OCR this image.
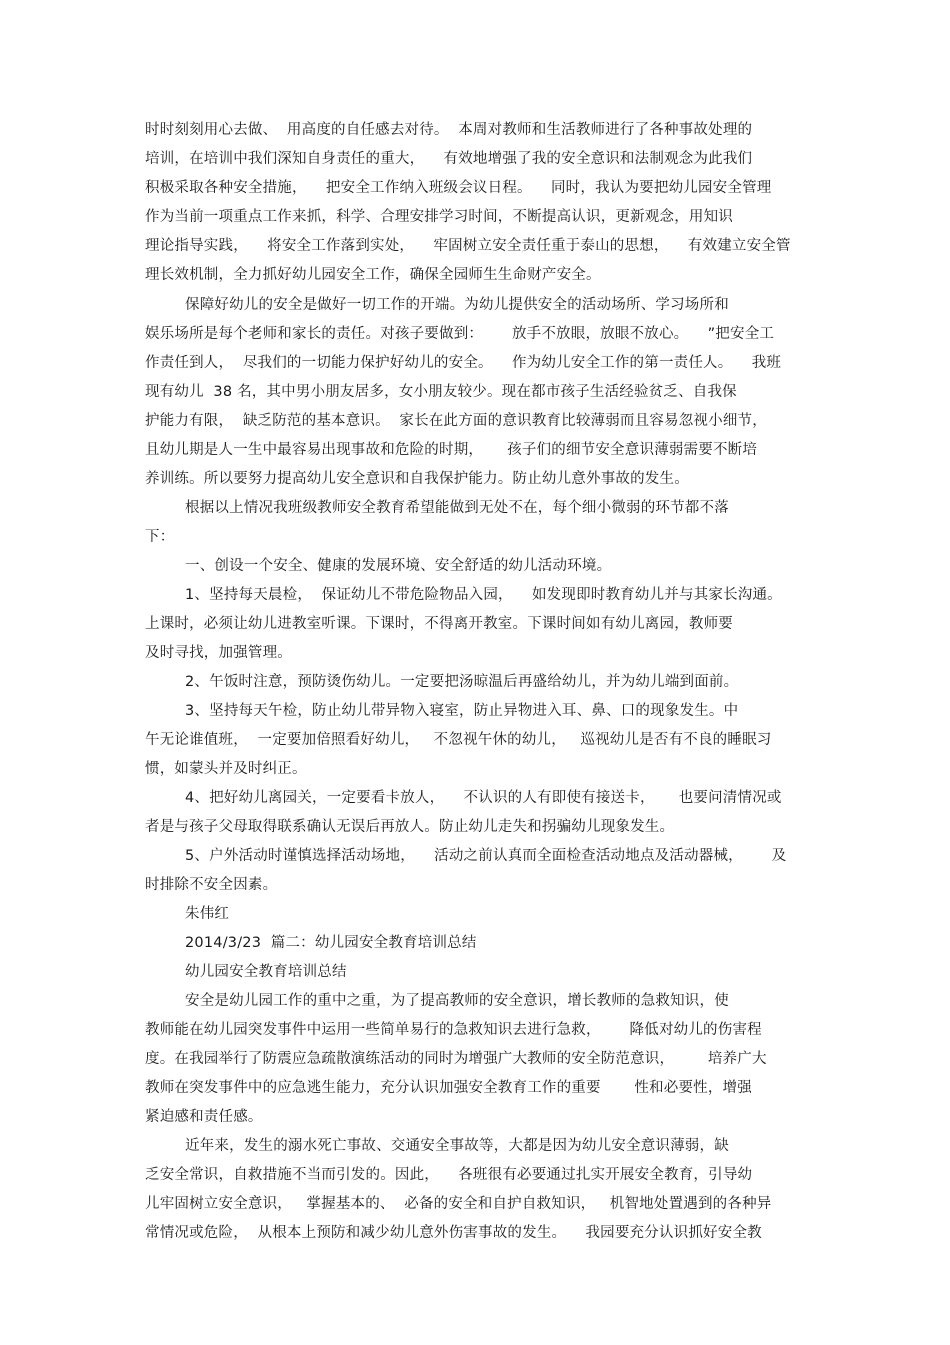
时时刻刻用心去做、  用高度的自任感去对待。  本周对教师和生活教师进行了各种事故处理的
培训，在培训中我们深知自身责任的重大，    有效地增强了我的安全意识和法制观念为此我们
积极采取各种安全措施，    把安全工作纳入班级会议日程。    同时，我认为要把幼儿园安全管理
作为当前一项重点工作来抓，科学、合理安排学习时间，不断提高认识，更新观念，用知识
理论指导实践，    将安全工作落到实处，    牢固树立安全责任重于泰山的思想，    有效建立安全管
理长效机制，全力抓好幼儿园安全工作，确保全园师生生命财产安全。
保障好幼儿的安全是做好一切工作的开端。为幼儿提供安全的活动场所、学习场所和
娱乐场所是每个老师和家长的责任。对孩子要做到：      放手不放眼，放眼不放心。    ”把安全工
作责任到人，  尽我们的一切能力保护好幼儿的安全。    作为幼儿安全工作的第一责任人。    我班
现有幼儿  38 名，其中男小朋友居多，女小朋友较少。现在都市孩子生活经验贫乏、自我保
护能力有限，  缺乏防范的基本意识。  家长在此方面的意识教育比较薄弱而且容易忽视小细节，
且幼儿期是人一生中最容易出现事故和危险的时期，     孩子们的细节安全意识薄弱需要不断培
养训练。所以要努力提高幼儿安全意识和自我保护能力。防止幼儿意外事故的发生。
根据以上情况我班级教师安全教育希望能做到无处不在，每个细小微弱的环节都不落
下：
一、创设一个安全、健康的发展环境、安全舒适的幼儿活动环境。
1、坚持每天晨检，  保证幼儿不带危险物品入园，    如发现即时教育幼儿并与其家长沟通。
上课时，必须让幼儿进教室听课。下课时，不得离开教室。下课时间如有幼儿离园，教师要
及时寻找，加强管理。
2、午饭时注意，预防烫伤幼儿。一定要把汤晾温后再盛给幼儿，并为幼儿端到面前。
3、坚持每天午检，防止幼儿带异物入寝室，防止异物进入耳、鼻、口的现象发生。中
午无论谁值班，  一定要加倍照看好幼儿，   不忽视午休的幼儿，   巡视幼儿是否有不良的睡眠习
惯，如蒙头并及时纠正。
4、把好幼儿离园关，一定要看卡放人，    不认识的人有即使有接送卡，     也要问清情况或
者是与孩子父母取得联系确认无误后再放人。防止幼儿走失和拐骗幼儿现象发生。
5、户外活动时谨慎选择活动场地，    活动之前认真而全面检查活动地点及活动器械，      及
时排除不安全因素。
朱伟红
2014/3/23  篇二：幼儿园安全教育培训总结
幼儿园安全教育培训总结
安全是幼儿园工作的重中之重，为了提高教师的安全意识，增长教师的急救知识，使
教师能在幼儿园突发事件中运用一些简单易行的急救知识去进行急救，      降低对幼儿的伤害程
度。在我园举行了防震应急疏散演练活动的同时为增强广大教师的安全防范意识，       培养广大
教师在突发事件中的应急逃生能力，充分认识加强安全教育工作的重要       性和必要性，增强
紧迫感和责任感。
近年来，发生的溺水死亡事故、交通安全事故等，大都是因为幼儿安全意识薄弱，缺
乏安全常识，自救措施不当而引发的。因此，    各班很有必要通过扎实开展安全教育，引导幼
儿牢固树立安全意识，   掌握基本的、  必备的安全和自护自救知识，   机智地处置遇到的各种异
常情况或危险，  从根本上预防和减少幼儿意外伤害事故的发生。    我园要充分认识抓好安全教
